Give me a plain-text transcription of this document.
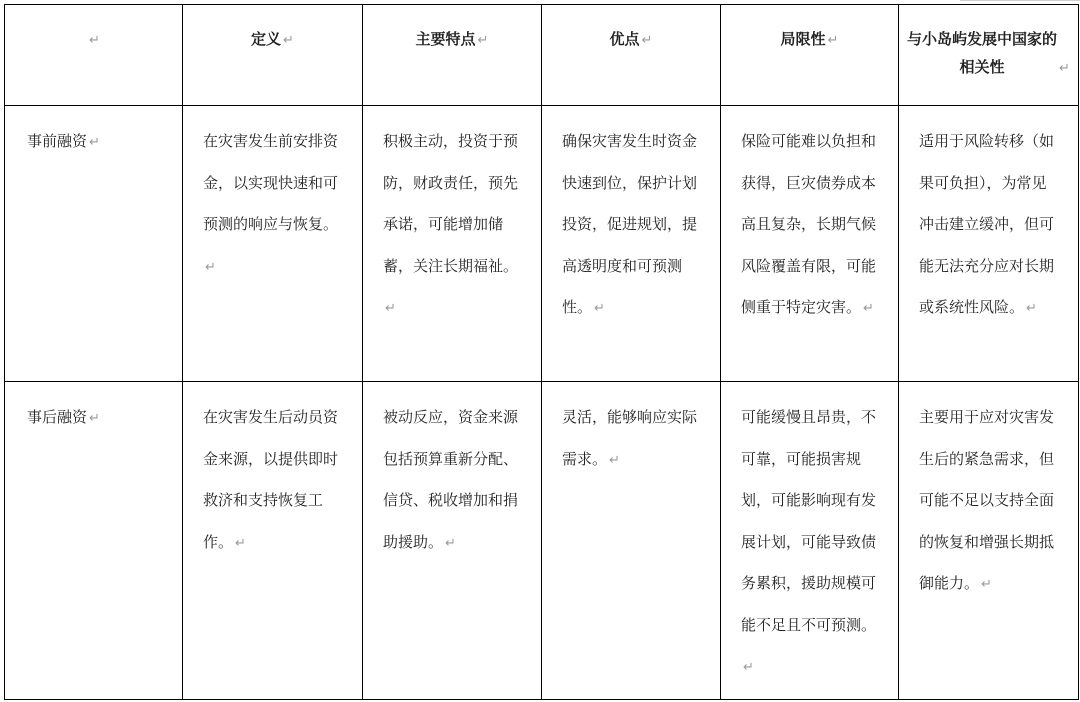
↵	定义 ↵	主要特点 ↵	优点 ↵	局限性 ↵	与小岛屿发展中国家的相关性 ↵
事前融资 ↵	在灾害发生前安排资金，以实现快速和可预测的响应与恢复。↵	积极主动，投资于预防，财政责任，预先承诺，可能增加储蓄，关注长期福祉。↵	确保灾害发生时资金快速到位，保护计划投资，促进规划，提高透明度和可预测性。 ↵	保险可能难以负担和获得，巨灾债券成本高且复杂，长期气候风险覆盖有限，可能侧重于特定灾害。 ↵	适用于风险转移（如果可负担），为常见冲击建立缓冲，但可能无法充分应对长期或系统性风险。 ↵
事后融资 ↵	在灾害发生后动员资金来源，以提供即时救济和支持恢复工作。 ↵	被动反应，资金来源包括预算重新分配、信贷、税收增加和捐助援助。 ↵	灵活，能够响应实际需求。 ↵	可能缓慢且昂贵，不可靠，可能损害规划，可能影响现有发展计划，可能导致债务累积，援助规模可能不足且不可预测。↵	主要用于应对灾害发生后的紧急需求，但可能不足以支持全面的恢复和增强长期抵御能力。 ↵
